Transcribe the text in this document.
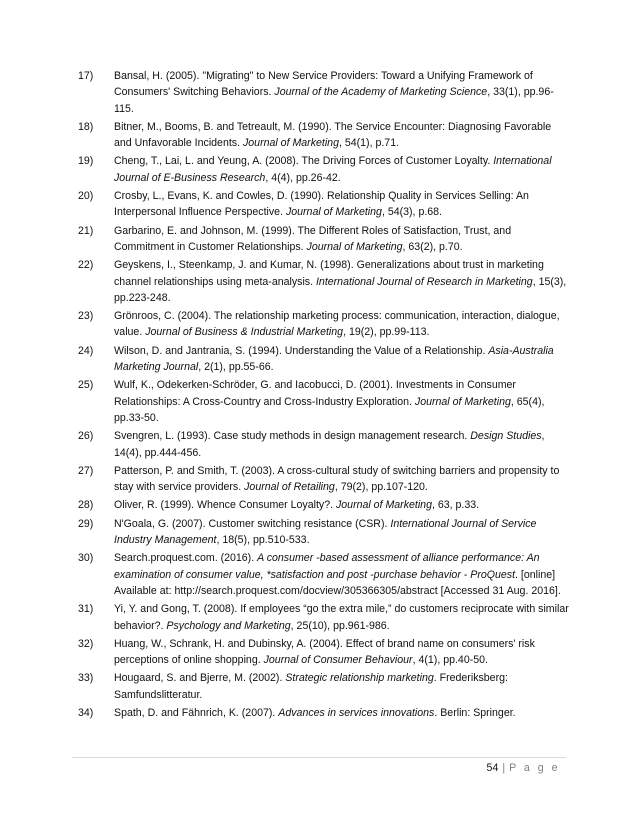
17)	Bansal, H. (2005). "Migrating" to New Service Providers: Toward a Unifying Framework of Consumers' Switching Behaviors. Journal of the Academy of Marketing Science, 33(1), pp.96-115.
18)	Bitner, M., Booms, B. and Tetreault, M. (1990). The Service Encounter: Diagnosing Favorable and Unfavorable Incidents. Journal of Marketing, 54(1), p.71.
19)	Cheng, T., Lai, L. and Yeung, A. (2008). The Driving Forces of Customer Loyalty. International Journal of E-Business Research, 4(4), pp.26-42.
20)	Crosby, L., Evans, K. and Cowles, D. (1990). Relationship Quality in Services Selling: An Interpersonal Influence Perspective. Journal of Marketing, 54(3), p.68.
21)	Garbarino, E. and Johnson, M. (1999). The Different Roles of Satisfaction, Trust, and Commitment in Customer Relationships. Journal of Marketing, 63(2), p.70.
22)	Geyskens, I., Steenkamp, J. and Kumar, N. (1998). Generalizations about trust in marketing channel relationships using meta-analysis. International Journal of Research in Marketing, 15(3), pp.223-248.
23)	Grönroos, C. (2004). The relationship marketing process: communication, interaction, dialogue, value. Journal of Business & Industrial Marketing, 19(2), pp.99-113.
24)	Wilson, D. and Jantrania, S. (1994). Understanding the Value of a Relationship. Asia-Australia Marketing Journal, 2(1), pp.55-66.
25)	Wulf, K., Odekerken-Schröder, G. and Iacobucci, D. (2001). Investments in Consumer Relationships: A Cross-Country and Cross-Industry Exploration. Journal of Marketing, 65(4), pp.33-50.
26)	Svengren, L. (1993). Case study methods in design management research. Design Studies, 14(4), pp.444-456.
27)	Patterson, P. and Smith, T. (2003). A cross-cultural study of switching barriers and propensity to stay with service providers. Journal of Retailing, 79(2), pp.107-120.
28)	Oliver, R. (1999). Whence Consumer Loyalty?. Journal of Marketing, 63, p.33.
29)	N'Goala, G. (2007). Customer switching resistance (CSR). International Journal of Service Industry Management, 18(5), pp.510-533.
30)	Search.proquest.com. (2016). A consumer -based assessment of alliance performance: An examination of consumer value, *satisfaction and post -purchase behavior - ProQuest. [online] Available at: http://search.proquest.com/docview/305366305/abstract [Accessed 31 Aug. 2016].
31)	Yi, Y. and Gong, T. (2008). If employees “go the extra mile,” do customers reciprocate with similar behavior?. Psychology and Marketing, 25(10), pp.961-986.
32)	Huang, W., Schrank, H. and Dubinsky, A. (2004). Effect of brand name on consumers' risk perceptions of online shopping. Journal of Consumer Behaviour, 4(1), pp.40-50.
33)	Hougaard, S. and Bjerre, M. (2002). Strategic relationship marketing. Frederiksberg: Samfundslitteratur.
34)	Spath, D. and Fähnrich, K. (2007). Advances in services innovations. Berlin: Springer.
54 | P a g e
